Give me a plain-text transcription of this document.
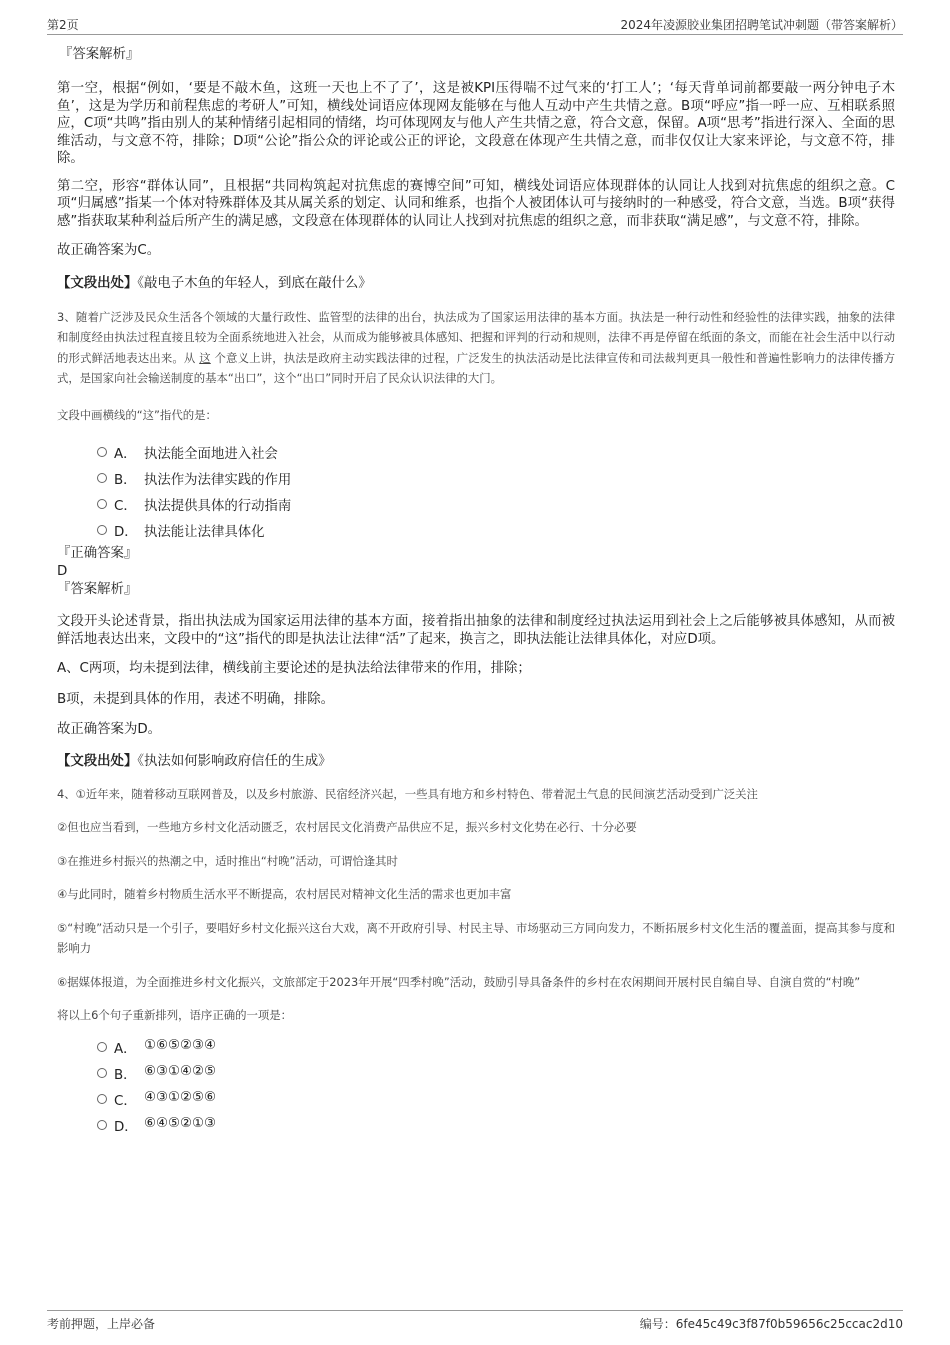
第2页	2024年凌源胶业集团招聘笔试冲刺题（带答案解析）

『答案解析』

第一空，根据“例如，‘要是不敲木鱼，这班一天也上不了了’，这是被KPI压得喘不过气来的‘打工人’；‘每天背单词前都要敲一两分钟电子木鱼’，这是为学历和前程焦虑的考研人”可知，横线处词语应体现网友能够在与他人互动中产生共情之意。B项“呼应”指一呼一应、互相联系照应，C项“共鸣”指由别人的某种情绪引起相同的情绪，均可体现网友与他人产生共情之意，符合文意，保留。A项“思考”指进行深入、全面的思维活动，与文意不符，排除；D项“公论”指公众的评论或公正的评论，文段意在体现产生共情之意，而非仅仅让大家来评论，与文意不符，排除。

第二空，形容“群体认同”，且根据“共同构筑起对抗焦虑的赛博空间”可知，横线处词语应体现群体的认同让人找到对抗焦虑的组织之意。C项“归属感”指某一个体对特殊群体及其从属关系的划定、认同和维系，也指个人被团体认可与接纳时的一种感受，符合文意，当选。B项“获得感”指获取某种利益后所产生的满足感，文段意在体现群体的认同让人找到对抗焦虑的组织之意，而非获取“满足感”，与文意不符，排除。

故正确答案为C。

【文段出处】《敲电子木鱼的年轻人，到底在敲什么》

3、随着广泛涉及民众生活各个领域的大量行政性、监管型的法律的出台，执法成为了国家运用法律的基本方面。执法是一种行动性和经验性的法律实践，抽象的法律和制度经由执法过程直接且较为全面系统地进入社会，从而成为能够被具体感知、把握和评判的行动和规则，法律不再是停留在纸面的条文，而能在社会生活中以行动的形式鲜活地表达出来。从 这 个意义上讲，执法是政府主动实践法律的过程，广泛发生的执法活动是比法律宣传和司法裁判更具一般性和普遍性影响力的法律传播方式，是国家向社会输送制度的基本“出口”，这个“出口”同时开启了民众认识法律的大门。

文段中画横线的“这”指代的是：

A． 执法能全面地进入社会
B． 执法作为法律实践的作用
C． 执法提供具体的行动指南
D． 执法能让法律具体化

『正确答案』

D

『答案解析』

文段开头论述背景，指出执法成为国家运用法律的基本方面，接着指出抽象的法律和制度经过执法运用到社会上之后能够被具体感知，从而被鲜活地表达出来，文段中的“这”指代的即是执法让法律“活”了起来，换言之，即执法能让法律具体化，对应D项。

A、C两项，均未提到法律，横线前主要论述的是执法给法律带来的作用，排除；

B项，未提到具体的作用，表述不明确，排除。

故正确答案为D。

【文段出处】《执法如何影响政府信任的生成》

4、①近年来，随着移动互联网普及，以及乡村旅游、民宿经济兴起，一些具有地方和乡村特色、带着泥土气息的民间演艺活动受到广泛关注

②但也应当看到，一些地方乡村文化活动匮乏，农村居民文化消费产品供应不足，振兴乡村文化势在必行、十分必要

③在推进乡村振兴的热潮之中，适时推出“村晚”活动，可谓恰逢其时

④与此同时，随着乡村物质生活水平不断提高，农村居民对精神文化生活的需求也更加丰富

⑤“村晚”活动只是一个引子，要唱好乡村文化振兴这台大戏，离不开政府引导、村民主导、市场驱动三方同向发力，不断拓展乡村文化生活的覆盖面，提高其参与度和影响力

⑥据媒体报道，为全面推进乡村文化振兴，文旅部定于2023年开展“四季村晚”活动，鼓励引导具备条件的乡村在农闲期间开展村民自编自导、自演自赏的“村晚”

将以上6个句子重新排列，语序正确的一项是：

A． ①⑥⑤②③④
B． ⑥③①④②⑤
C． ④③①②⑤⑥
D． ⑥④⑤②①③
考前押题，上岸必备	编号：6fe45c49c3f87f0b59656c25ccac2d10
